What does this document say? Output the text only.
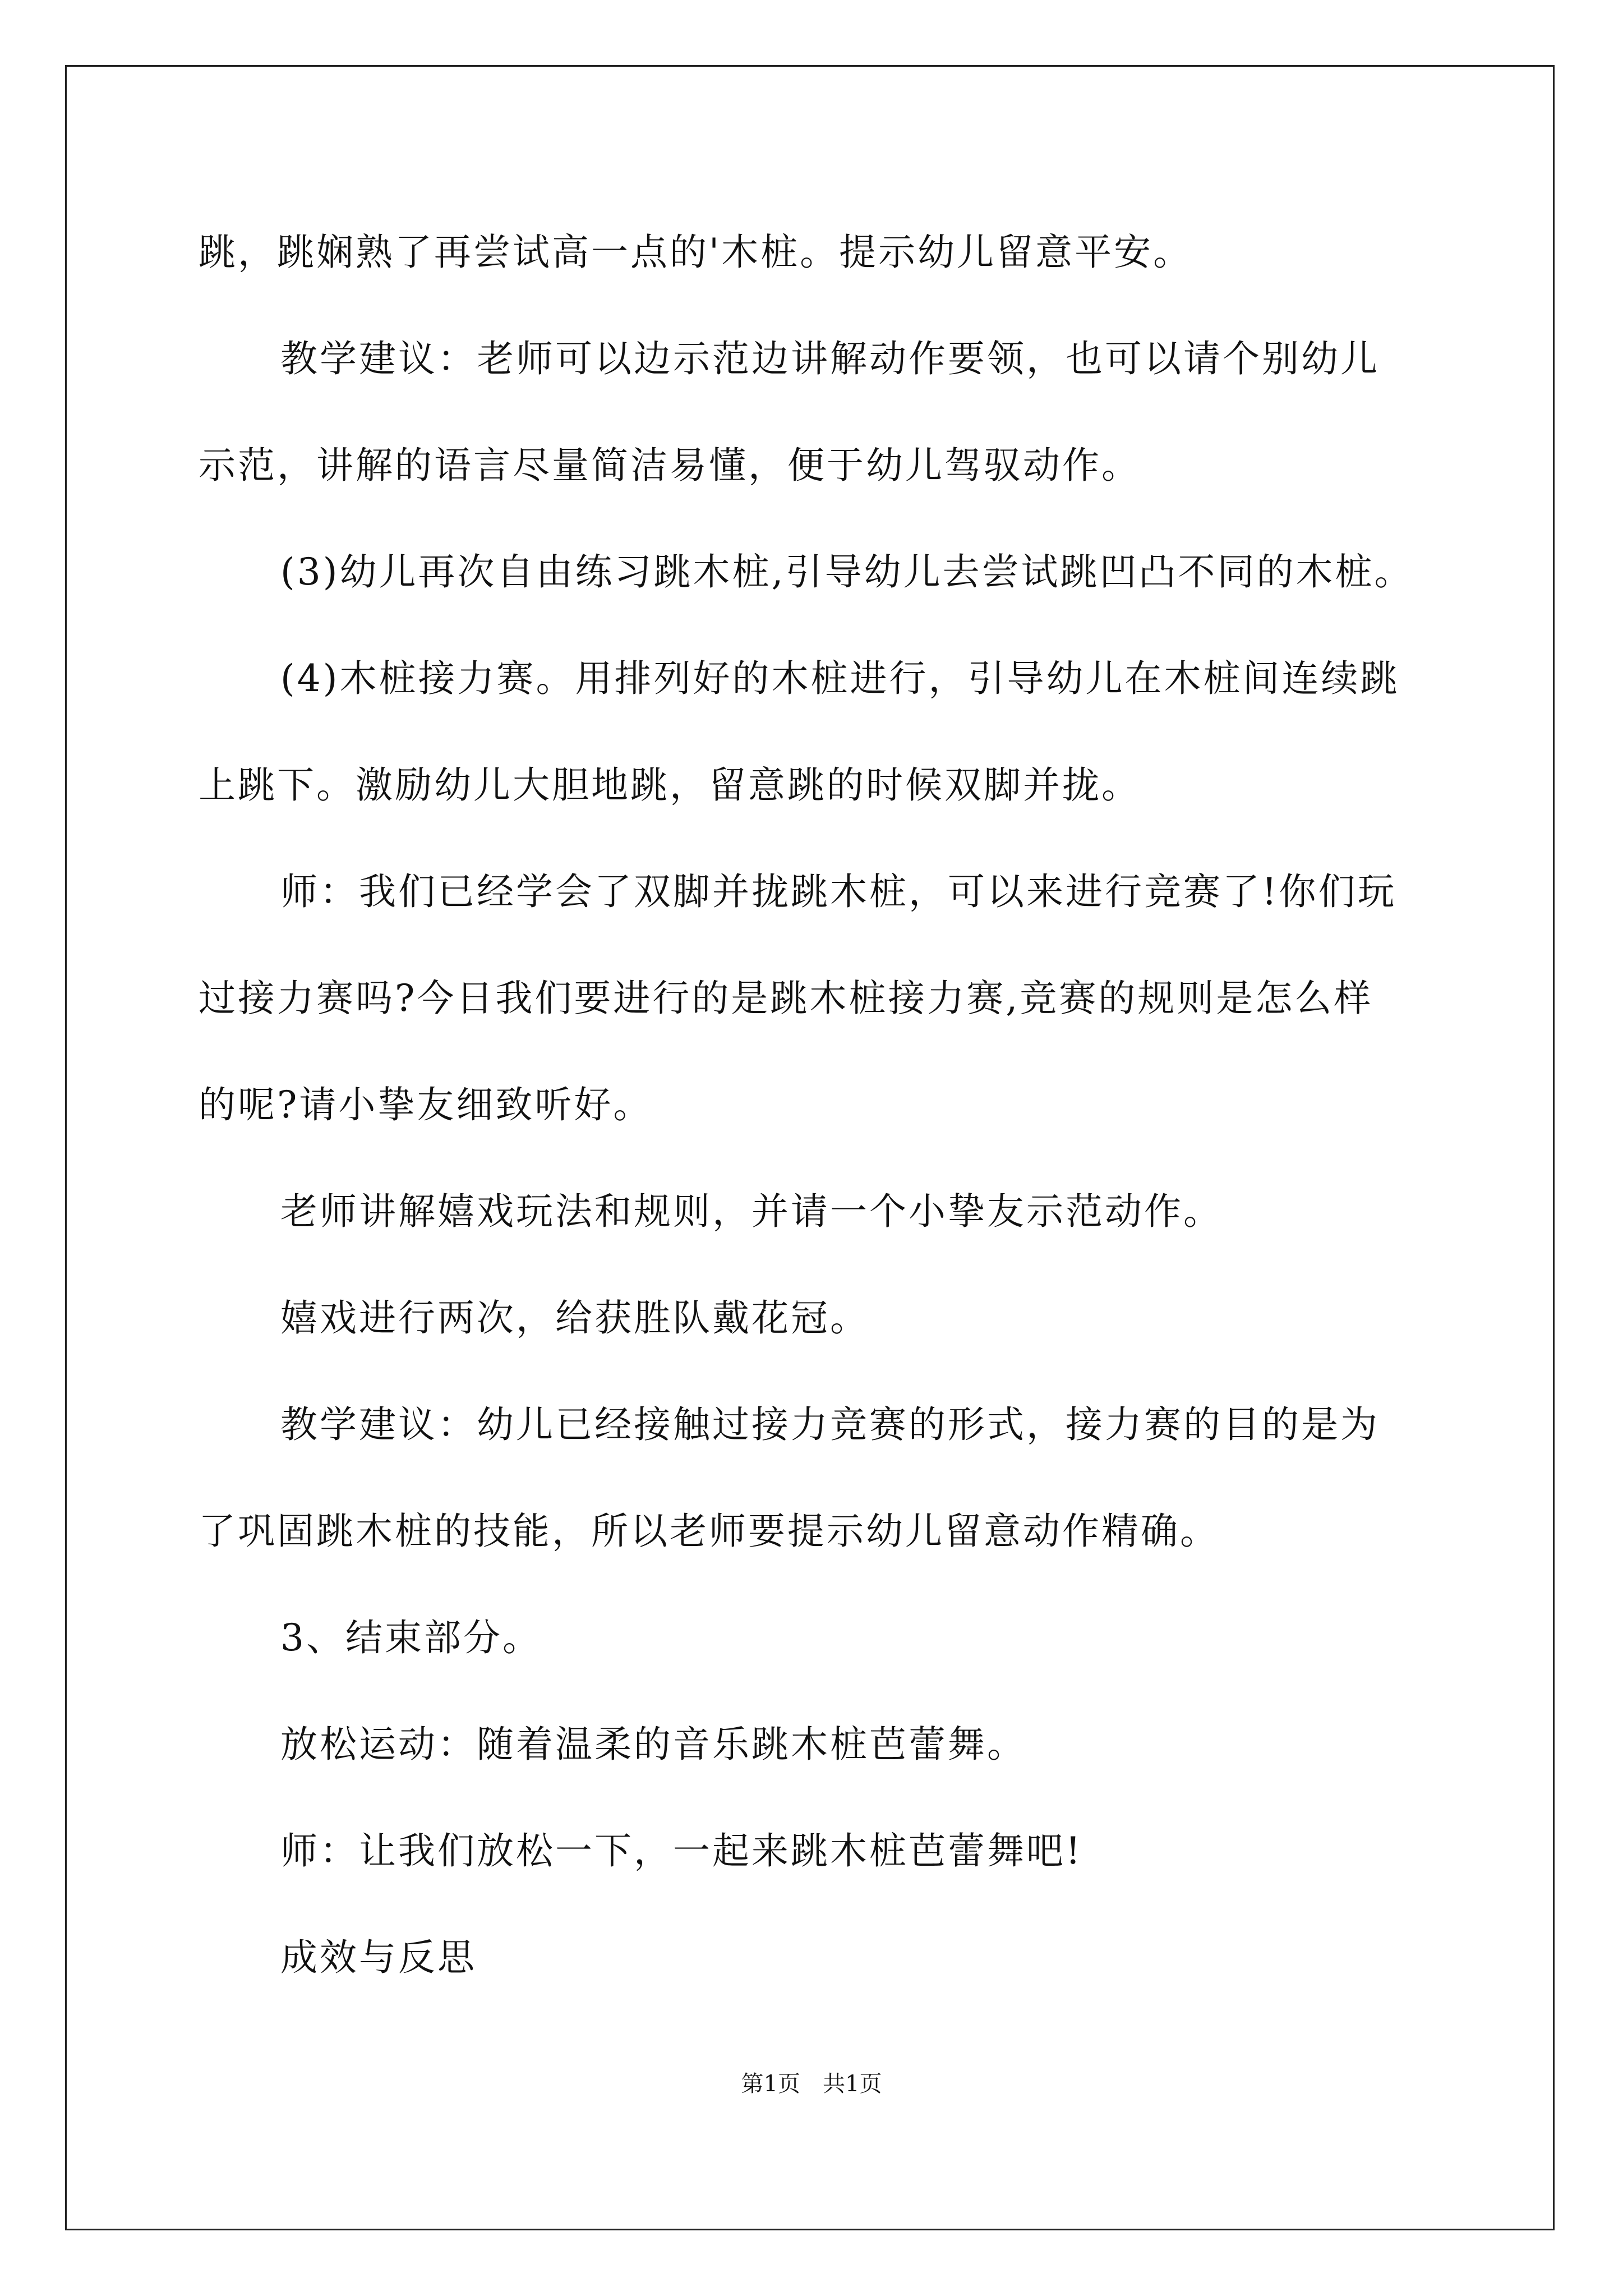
跳，跳娴熟了再尝试高一点的'木桩。提示幼儿留意平安。
教学建议：老师可以边示范边讲解动作要领，也可以请个别幼儿
示范，讲解的语言尽量简洁易懂，便于幼儿驾驭动作。
(3)幼儿再次自由练习跳木桩,引导幼儿去尝试跳凹凸不同的木桩。
(4)木桩接力赛。用排列好的木桩进行，引导幼儿在木桩间连续跳
上跳下。激励幼儿大胆地跳，留意跳的时候双脚并拢。
师：我们已经学会了双脚并拢跳木桩，可以来进行竞赛了!你们玩
过接力赛吗?今日我们要进行的是跳木桩接力赛,竞赛的规则是怎么样
的呢?请小挚友细致听好。
老师讲解嬉戏玩法和规则，并请一个小挚友示范动作。
嬉戏进行两次，给获胜队戴花冠。
教学建议：幼儿已经接触过接力竞赛的形式，接力赛的目的是为
了巩固跳木桩的技能，所以老师要提示幼儿留意动作精确。
3、结束部分。
放松运动：随着温柔的音乐跳木桩芭蕾舞。
师：让我们放松一下，一起来跳木桩芭蕾舞吧!
成效与反思
第1页　共1页
